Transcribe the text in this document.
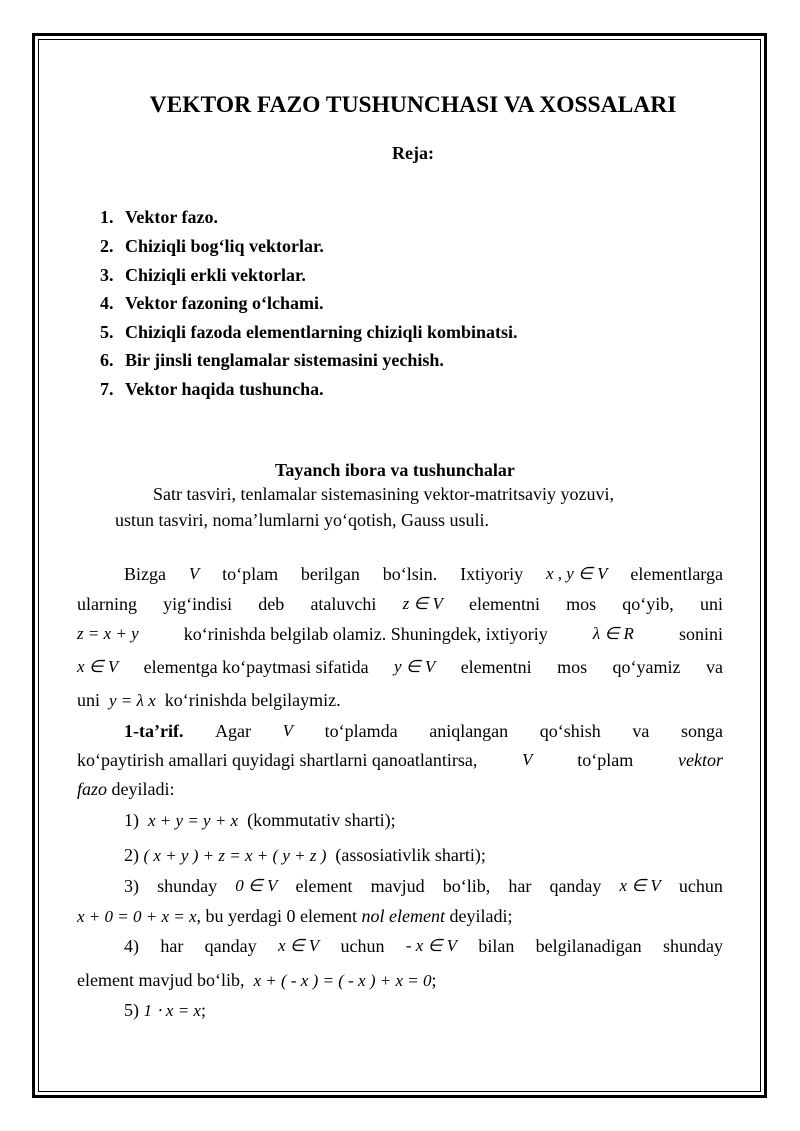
VEKTOR FAZO TUSHUNCHASI VA XOSSALARI
Reja:
1. Vektor fazo.
2. Chiziqli bog‘liq vektorlar.
3. Chiziqli erkli vektorlar.
4. Vektor fazoning o‘lchami.
5. Chiziqli fazoda elementlarning chiziqli kombinatsi.
6. Bir jinsli tenglamalar sistemasini yechish.
7. Vektor haqida tushuncha.
Tayanch ibora va tushunchalar
Satr tasviri, tenlamalar sistemasining vektor-matritsaviy yozuvi,
ustun tasviri, noma’lumlarni yo‘qotish, Gauss usuli.
Bizga V to‘plam berilgan bo‘lsin. Ixtiyoriy x , y ∈ V elementlarga
ularning yig‘indisi deb ataluvchi z ∈ V elementni mos qo‘yib, uni
z = x + y	ko‘rinishda belgilab olamiz. Shuningdek, ixtiyoriy	λ ∈ R	sonini
x ∈ V elementga ko‘paytmasi sifatida y ∈ V elementni mos qo‘yamiz va
uni y = λ x ko‘rinishda belgilaymiz.
1-ta’rif. Agar V to‘plamda aniqlangan qo‘shish va songa
ko‘paytirish amallari quyidagi shartlarni qanoatlantirsa,	V to‘plam vektor
fazo deyiladi:
1) x + y = y + x (kommutativ sharti);
2) ( x + y ) + z = x + ( y + z ) (assosiativlik sharti);
3) shunday 0 ∈ V element mavjud bo‘lib, har qanday x ∈ V uchun
x + 0 = 0 + x = x, bu yerdagi 0 element nol element deyiladi;
4) har qanday x ∈ V uchun - x ∈ V bilan belgilanadigan shunday
element mavjud bo‘lib, x + ( - x ) = ( - x ) + x = 0;
5) 1 ⋅ x = x;
